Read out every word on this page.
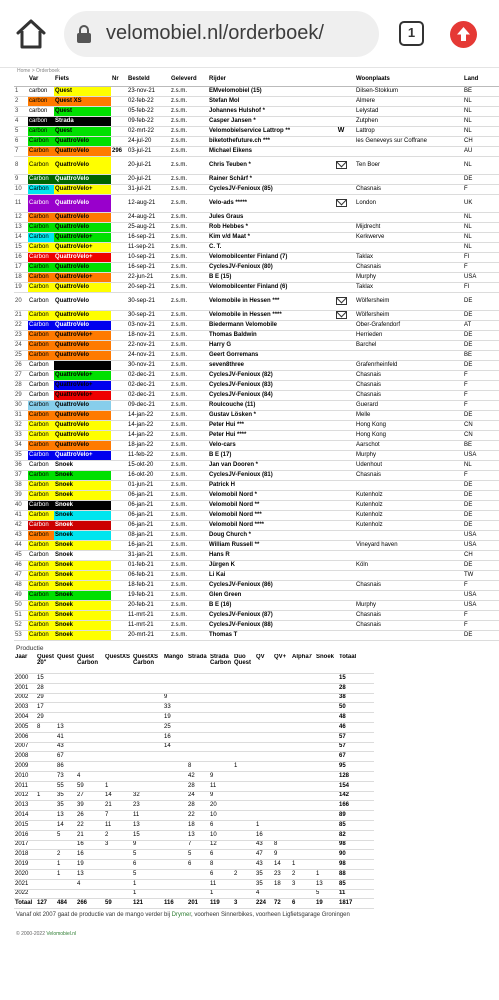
velomobiel.nl/orderboek/	1
Home > Orderboek
	Var	Fiets	Nr	Besteld	Geleverd	Rijder		Woonplaats	Land
1	carbon	Quest		23-nov-21	z.s.m.	EMvelomobiel (15)		Dilsen-Stokkum	BE
2	carbon	Quest XS		02-feb-22	z.s.m.	Stefan Mol		Almere	NL
3	carbon	Quest		05-feb-22	z.s.m.	Johannes Hulshof *		Lelystad	NL
4	carbon	Strada		09-feb-22	z.s.m.	Casper Jansen *		Zutphen	NL
5	carbon	Quest		02-mrt-22	z.s.m.	Velomobielservice Lattrop **	W	Lattrop	NL
6	Carbon	QuattroVelo		24-jul-20	z.s.m.	biketothefuture.ch ***		les Geneveys sur Coffrane	CH
7	Carbon	QuattroVelo	296	03-jul-21	z.s.m.	Michael Eikens			AU
8	Carbon	QuattroVelo		20-jul-21	z.s.m.	Chris Teuben *		Ten Boer	NL
9	Carbon	QuattroVelo		20-jul-21	z.s.m.	Rainer Schärf *			DE
10	Carbon	QuattroVelo+		31-jul-21	z.s.m.	CyclesJV-Fenioux (85)		Chasnais	F
11	Carbon	QuattroVelo		12-aug-21	z.s.m.	Velo-ads *****		London	UK
12	Carbon	QuattroVelo		24-aug-21	z.s.m.	Jules Graus			NL
13	Carbon	QuattroVelo		25-aug-21	z.s.m.	Rob Hebbes *		Mijdrecht	NL
14	Carbon	QuattroVelo+		16-sep-21	z.s.m.	Kim v/d Maat *		Kerkwerve	NL
15	Carbon	QuattroVelo+		11-sep-21	z.s.m.	C. T.			NL
16	Carbon	QuattroVelo+		10-sep-21	z.s.m.	Velomobilcenter Finland (7)		Taklax	FI
17	Carbon	QuattroVelo		16-sep-21	z.s.m.	CyclesJV-Fenioux (80)		Chasnais	F
18	Carbon	QuattroVelo+		22-jun-21	z.s.m.	B E (15)		Murphy	USA
19	Carbon	QuattroVelo		20-sep-21	z.s.m.	Velomobilcenter Finland (6)		Taklax	FI
20	Carbon	QuattroVelo		30-sep-21	z.s.m.	Velomobile in Hessen ***		Wölfersheim	DE
21	Carbon	QuattroVelo		30-sep-21	z.s.m.	Velomobile in Hessen ****		Wölfersheim	DE
22	Carbon	QuattroVelo		03-nov-21	z.s.m.	Biedermann Velomobile		Ober-Grafendorf	AT
23	Carbon	QuattroVelo+		18-nov-21	z.s.m.	Thomas Baldwin		Herrieden	DE
24	Carbon	QuattroVelo		22-nov-21	z.s.m.	Harry G		Barchel	DE
25	Carbon	QuattroVelo		24-nov-21	z.s.m.	Geert Gorremans			BE
26	Carbon	QuattroVelo+		30-nov-21	z.s.m.	seven8three		Grafenrheinfeld	DE
27	Carbon	QuattroVelo+		02-dec-21	z.s.m.	CyclesJV-Fenioux (82)		Chasnais	F
28	Carbon	QuattroVelo+		02-dec-21	z.s.m.	CyclesJV-Fenioux (83)		Chasnais	F
29	Carbon	QuattroVelo+		02-dec-21	z.s.m.	CyclesJV-Fenioux (84)		Chasnais	F
30	Carbon	QuattroVelo		09-dec-21	z.s.m.	Roulcouche (11)		Guerard	F
31	Carbon	QuattroVelo		14-jan-22	z.s.m.	Gustav Lösken *		Melle	DE
32	Carbon	QuattroVelo		14-jan-22	z.s.m.	Peter Hui ***		Hong Kong	CN
33	Carbon	QuattroVelo		14-jan-22	z.s.m.	Peter Hui ****		Hong Kong	CN
34	Carbon	QuattroVelo		18-jan-22	z.s.m.	Velo-cars		Aarschot	BE
35	Carbon	QuattroVelo+		11-feb-22	z.s.m.	B E (17)		Murphy	USA
36	Carbon	Snoek		15-okt-20	z.s.m.	Jan van Dooren *		Udenhout	NL
37	Carbon	Snoek		16-okt-20	z.s.m.	CyclesJV-Fenioux (81)		Chasnais	F
38	Carbon	Snoek		01-jun-21	z.s.m.	Patrick H			DE
39	Carbon	Snoek		06-jan-21	z.s.m.	Velomobil Nord *		Kutenholz	DE
40	Carbon	Snoek		06-jan-21	z.s.m.	Velomobil Nord **		Kutenholz	DE
41	Carbon	Snoek		06-jan-21	z.s.m.	Velomobil Nord ***		Kutenholz	DE
42	Carbon	Snoek		06-jan-21	z.s.m.	Velomobil Nord ****		Kutenholz	DE
43	Carbon	Snoek		08-jan-21	z.s.m.	Doug Church *			USA
44	Carbon	Snoek		16-jan-21	z.s.m.	William Russell **		Vineyard haven	USA
45	Carbon	Snoek		31-jan-21	z.s.m.	Hans R			CH
46	Carbon	Snoek		01-feb-21	z.s.m.	Jürgen K		Köln	DE
47	Carbon	Snoek		06-feb-21	z.s.m.	Li Kai			TW
48	Carbon	Snoek		18-feb-21	z.s.m.	CyclesJV-Fenioux (86)		Chasnais	F
49	Carbon	Snoek		19-feb-21	z.s.m.	Glen Green			USA
50	Carbon	Snoek		20-feb-21	z.s.m.	B E (16)		Murphy	USA
51	Carbon	Snoek		11-mrt-21	z.s.m.	CyclesJV-Fenioux (87)		Chasnais	F
52	Carbon	Snoek		11-mrt-21	z.s.m.	CyclesJV-Fenioux (88)		Chasnais	F
53	Carbon	Snoek		20-mrt-21	z.s.m.	Thomas T			DE
Productie
Jaar	Quest 20"	Quest	Quest Carbon	QuestXS	QuestXS Carbon	Mango	Strada	Strada Carbon	Duo Quest	QV	QV+	Alpha7	Snoek	Totaal
2000	15													15
2001	28													28
2002	29					9								38
2003	17					33								50
2004	29					19								48
2005	8	13				25								46
2006		41				16								57
2007		43				14								57
2008		67												67
2009		86					8		1					95
2010		73	4				42	9						128
2011		55	59	1			28	11						154
2012	1	35	27	14	32		24	9						142
2013		35	39	21	23		28	20						166
2014		13	26	7	11		22	10						89
2015		14	22	11	13		18	6		1				85
2016		5	21	2	15		13	10		16				82
2017			16	3	9		7	12		43	8			98
2018		2	16		5		5	6		47	9			90
2019		1	19		6		6	8		43	14	1		98
2020		1	13		5			6	2	35	23	2	1	88
2021			4		1			11		35	18	3	13	85
2022					1			1		4			5	11
Totaal	127	484	266	59	121	116	201	119	3	224	72	6	19	1817
Vanaf okt 2007 gaat de productie van de mango verder bij Drymer, voorheen Sinnerbikes, voorheen Ligfietsgarage Groningen
© 2000-2022 Velomobiel.nl
